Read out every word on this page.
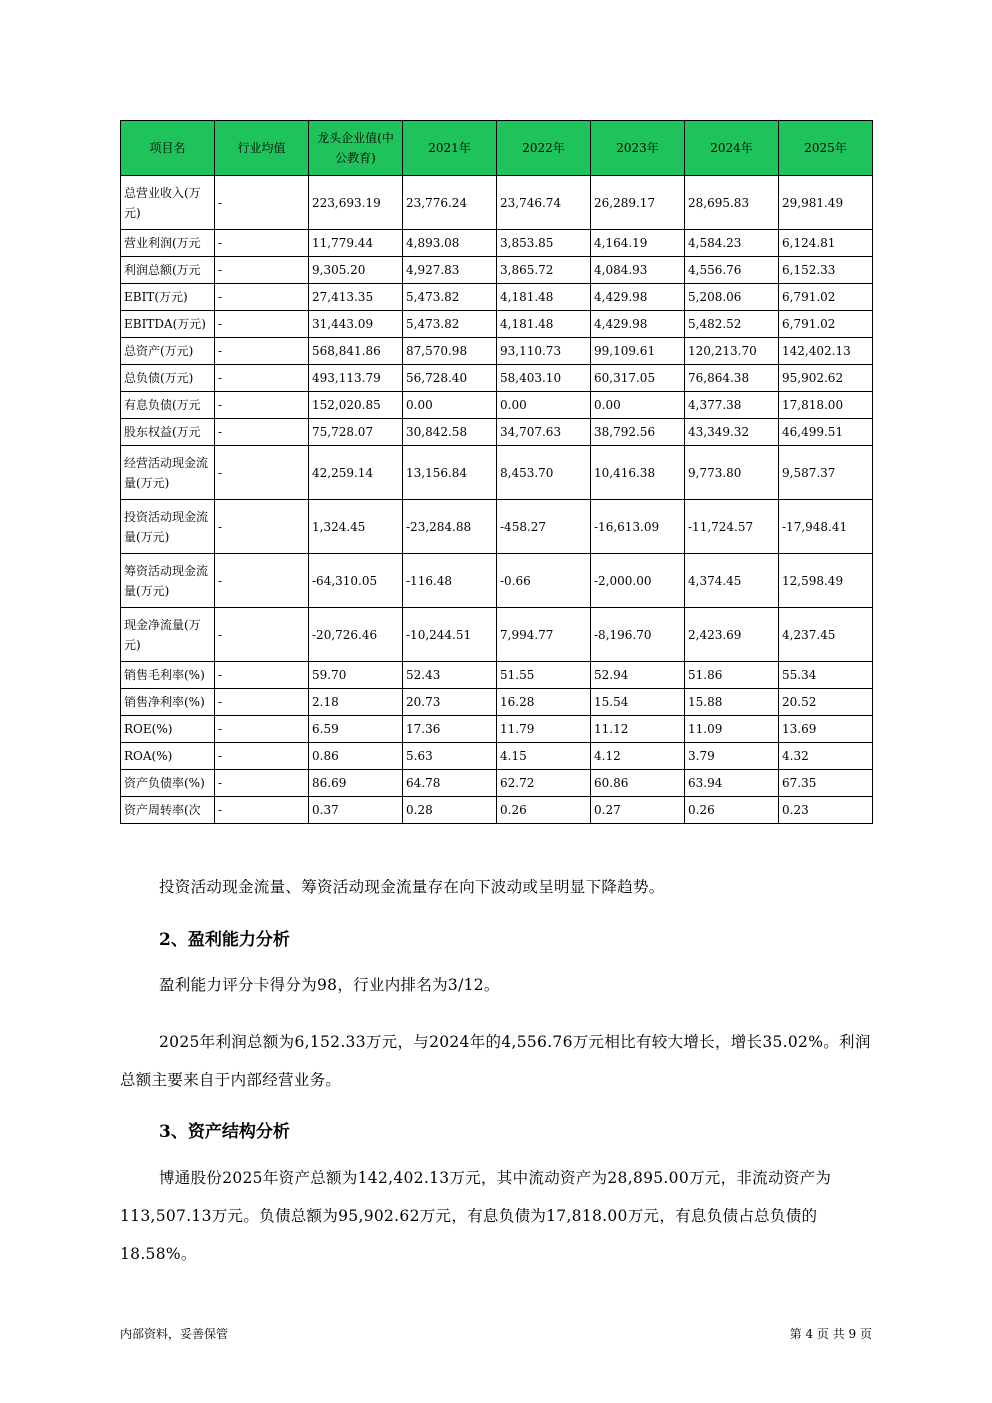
项目名	行业均值	龙头企业值(中公教育)	2021年	2022年	2023年	2024年	2025年
总营业收入(万元)	-	223,693.19	23,776.24	23,746.74	26,289.17	28,695.83	29,981.49
营业利润(万元	-	11,779.44	4,893.08	3,853.85	4,164.19	4,584.23	6,124.81
利润总额(万元	-	9,305.20	4,927.83	3,865.72	4,084.93	4,556.76	6,152.33
EBIT(万元)	-	27,413.35	5,473.82	4,181.48	4,429.98	5,208.06	6,791.02
EBITDA(万元)	-	31,443.09	5,473.82	4,181.48	4,429.98	5,482.52	6,791.02
总资产(万元)	-	568,841.86	87,570.98	93,110.73	99,109.61	120,213.70	142,402.13
总负债(万元)	-	493,113.79	56,728.40	58,403.10	60,317.05	76,864.38	95,902.62
有息负债(万元	-	152,020.85	0.00	0.00	0.00	4,377.38	17,818.00
股东权益(万元	-	75,728.07	30,842.58	34,707.63	38,792.56	43,349.32	46,499.51
经营活动现金流量(万元)	-	42,259.14	13,156.84	8,453.70	10,416.38	9,773.80	9,587.37
投资活动现金流量(万元)	-	1,324.45	-23,284.88	-458.27	-16,613.09	-11,724.57	-17,948.41
筹资活动现金流量(万元)	-	-64,310.05	-116.48	-0.66	-2,000.00	4,374.45	12,598.49
现金净流量(万元)	-	-20,726.46	-10,244.51	7,994.77	-8,196.70	2,423.69	4,237.45
销售毛利率(%)	-	59.70	52.43	51.55	52.94	51.86	55.34
销售净利率(%)	-	2.18	20.73	16.28	15.54	15.88	20.52
ROE(%)	-	6.59	17.36	11.79	11.12	11.09	13.69
ROA(%)	-	0.86	5.63	4.15	4.12	3.79	4.32
资产负债率(%)	-	86.69	64.78	62.72	60.86	63.94	67.35
资产周转率(次	-	0.37	0.28	0.26	0.27	0.26	0.23

投资活动现金流量、筹资活动现金流量存在向下波动或呈明显下降趋势。

2、盈利能力分析

盈利能力评分卡得分为98，行业内排名为3/12。

2025年利润总额为6,152.33万元，与2024年的4,556.76万元相比有较大增长，增长35.02%。利润总额主要来自于内部经营业务。

3、资产结构分析

博通股份2025年资产总额为142,402.13万元，其中流动资产为28,895.00万元，非流动资产为113,507.13万元。负债总额为95,902.62万元，有息负债为17,818.00万元，有息负债占总负债的18.58%。

内部资料，妥善保管	第 4 页 共 9 页
